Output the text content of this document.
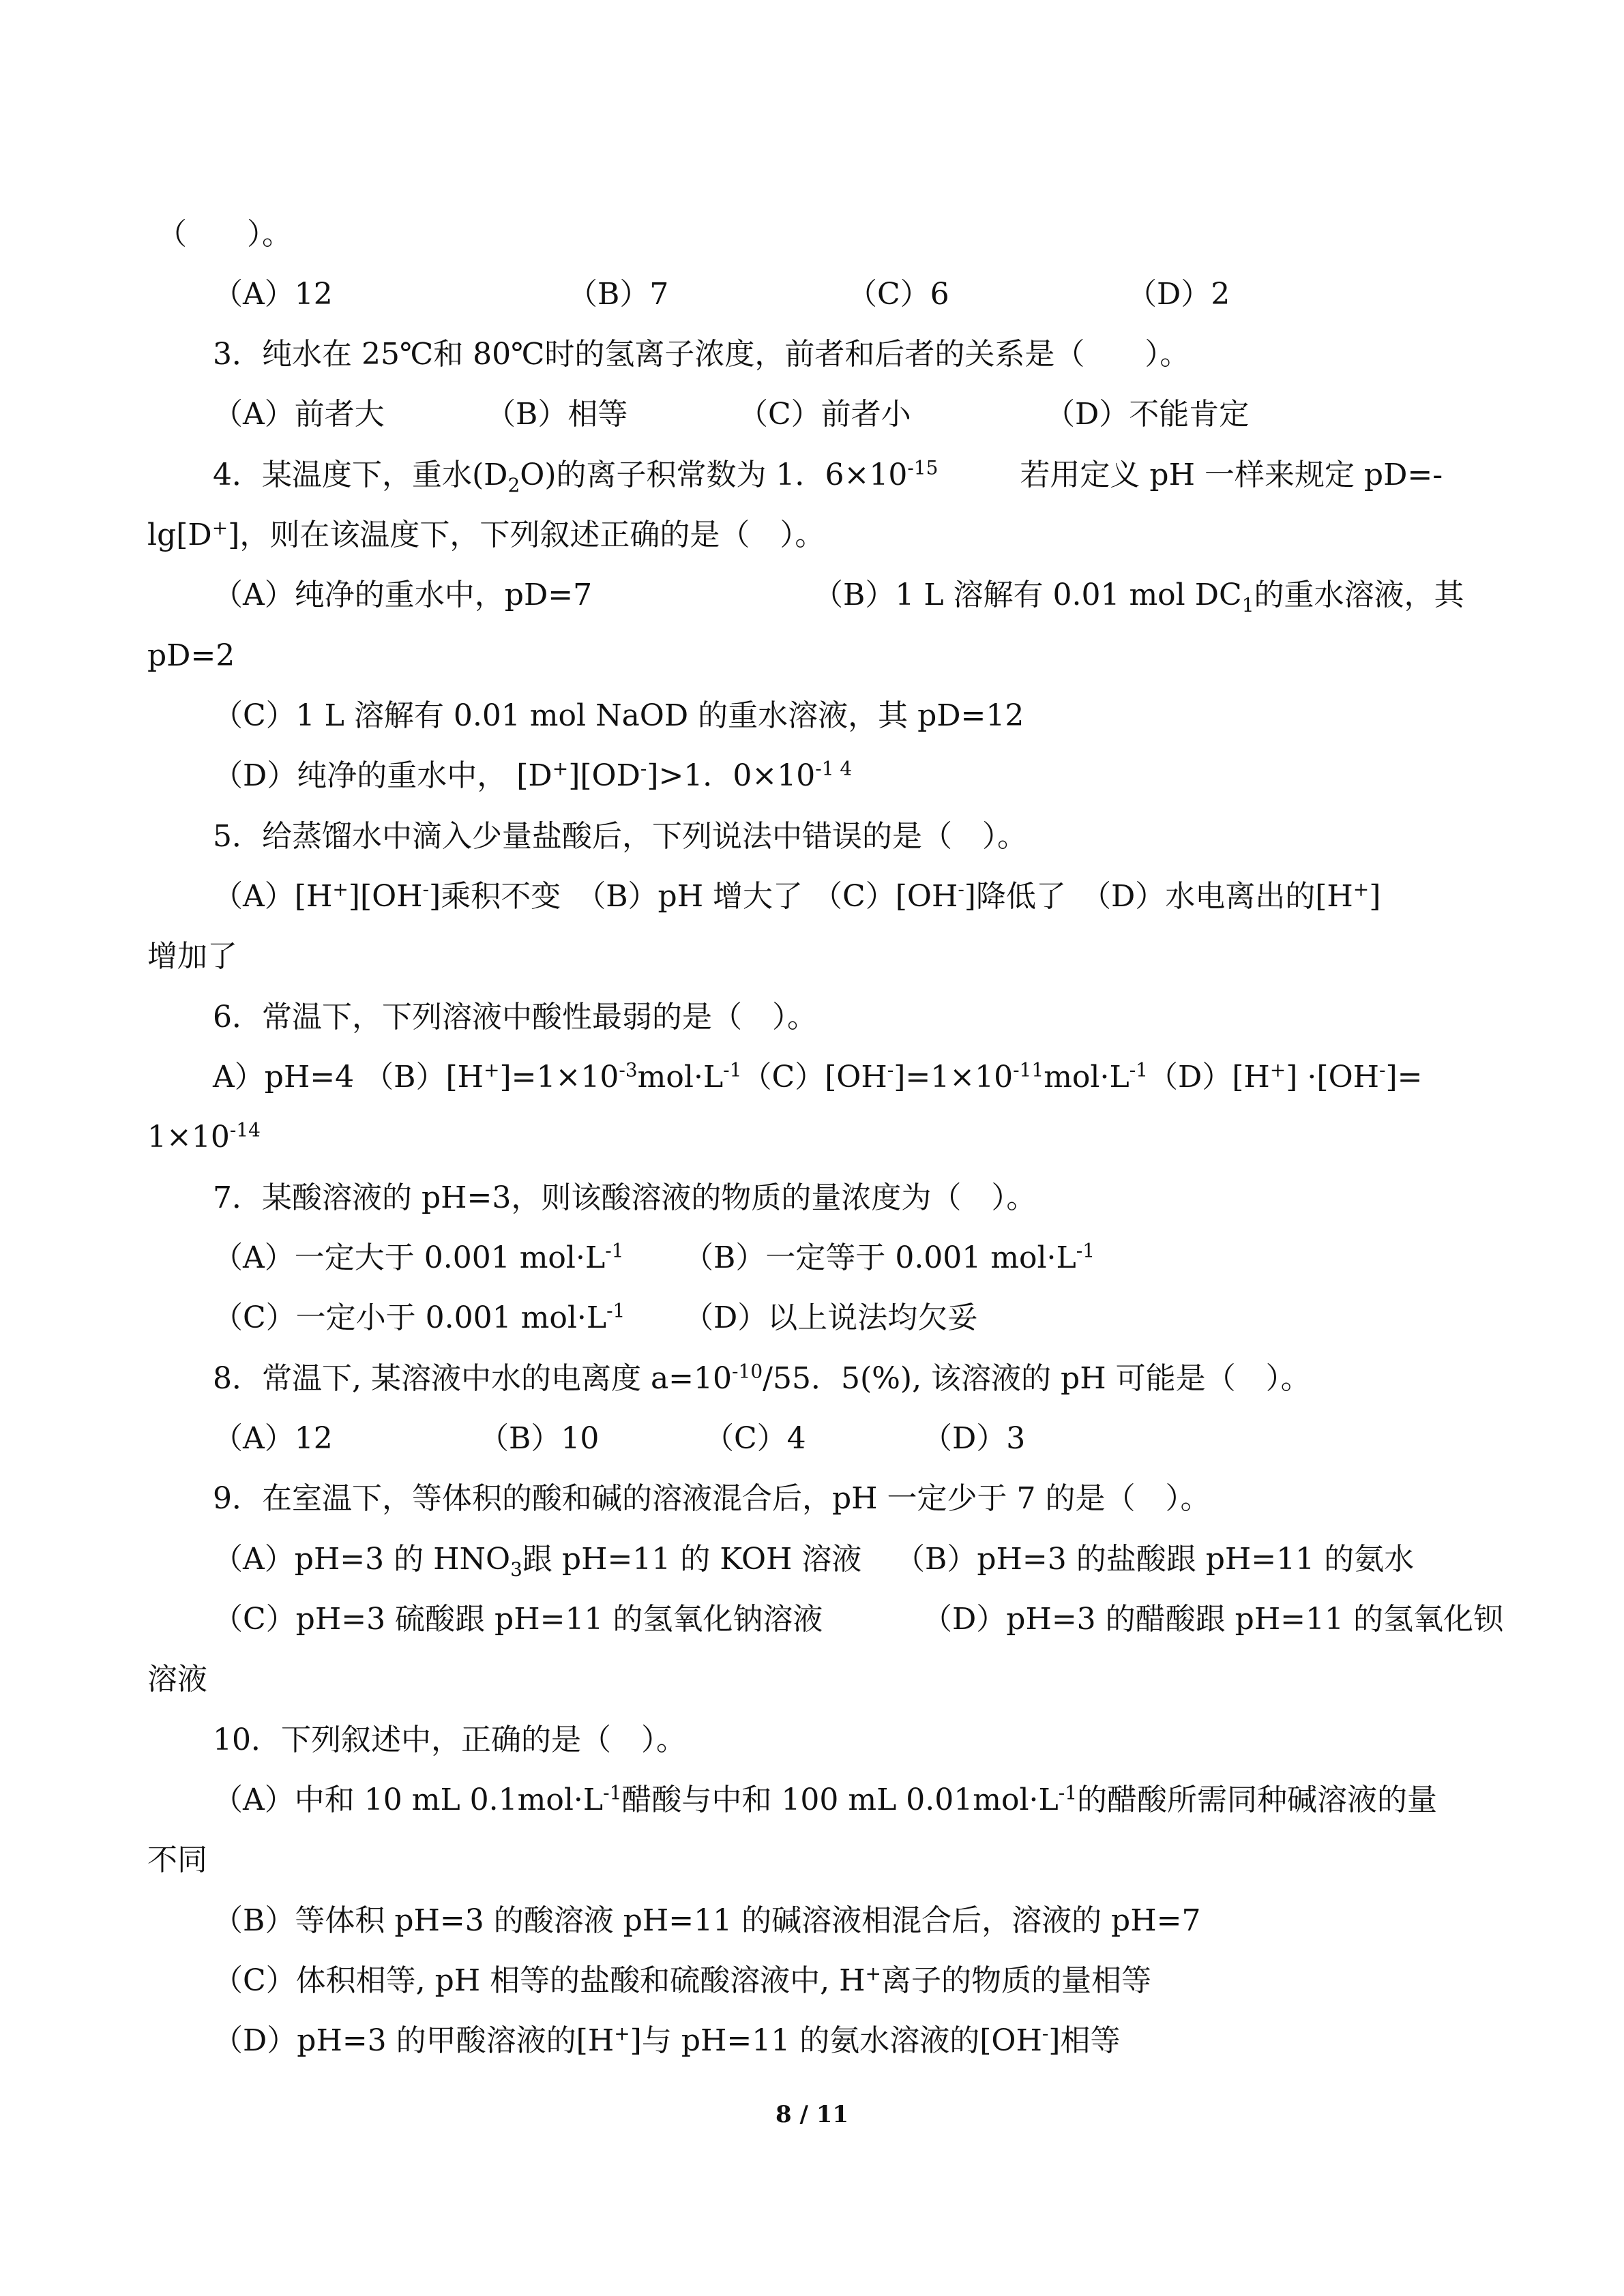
（　　）。
（A）12	（B）7	（C）6	（D）2
3．纯水在 25℃和 80℃时的氢离子浓度，前者和后者的关系是（　　）。
（A）前者大	（B）相等	（C）前者小	（D）不能肯定
4．某温度下，重水$(D_2O)$的离子积常数为 1．$6\times 10^{-15}$	若用定义 pH 一样来规定 pD=-
lg[D+]，则在该温度下，下列叙述正确的是（　）。
（A）纯净的重水中，pD=7	（B）1 L 溶解有 0.01 mol $DC_1$的重水溶液，其
pD=2
（C）1 L 溶解有 0.01 mol NaOD 的重水溶液，其 pD=12
（D）纯净的重水中， [D+][OD-]>1．$0\times 10^{-1 4}$
5．给蒸馏水中滴入少量盐酸后，下列说法中错误的是（　）。
（A）[H+][OH-]乘积不变　（B）pH 增大了 （C）[OH-]降低了　（D）水电离出的[H+]
增加了
6．常温下，下列溶液中酸性最弱的是（　）。
A）pH=4 $(B)[H^+]=1\times 10^{-3}mol\cdot L^{-1}(C)[OH^-]=1\times 10^{-11}mol\cdot L^{-1}(D)[H^+] \cdot[OH^-]=$
$1\times 10^{-14}$
7．某酸溶液的 pH=3，则该酸溶液的物质的量浓度为（　）。
（A）一定大于 0.001 $mol\cdot L^{-1}$ （B）一定等于 0.001 $mol\cdot L^{-1}$
（C）一定小于 0.001 $mol\cdot L^{-1}$ （D）以上说法均欠妥
8．常温下, 某溶液中水的电离度 $a=10^{-10}/55$．5(%), 该溶液的 pH 可能是（　）。
（A）12	（B）10	（C）4	（D）3
9．在室温下，等体积的酸和碱的溶液混合后，pH 一定少于 7 的是（　）。
（A）pH=3 的 $HNO_3$跟 pH=11 的 KOH 溶液 （B）pH=3 的盐酸跟 pH=11 的氨水
（C）pH=3 硫酸跟 pH=11 的氢氧化钠溶液	（D）pH=3 的醋酸跟 pH=11 的氢氧化钡
溶液
10．下列叙述中，正确的是（　）。
（A）中和 10 mL $0.1mol\cdot L^{-1}$醋酸与中和 100 mL $0.01mol\cdot L^{-1}$的醋酸所需同种碱溶液的量
不同
（B）等体积 pH=3 的酸溶液 pH=11 的碱溶液相混合后，溶液的 pH=7
（C）体积相等, pH 相等的盐酸和硫酸溶液中, H+离子的物质的量相等
（D）pH=3 的甲酸溶液的[H+]与 pH=11 的氨水溶液的[OH-]相等
8 / 11
